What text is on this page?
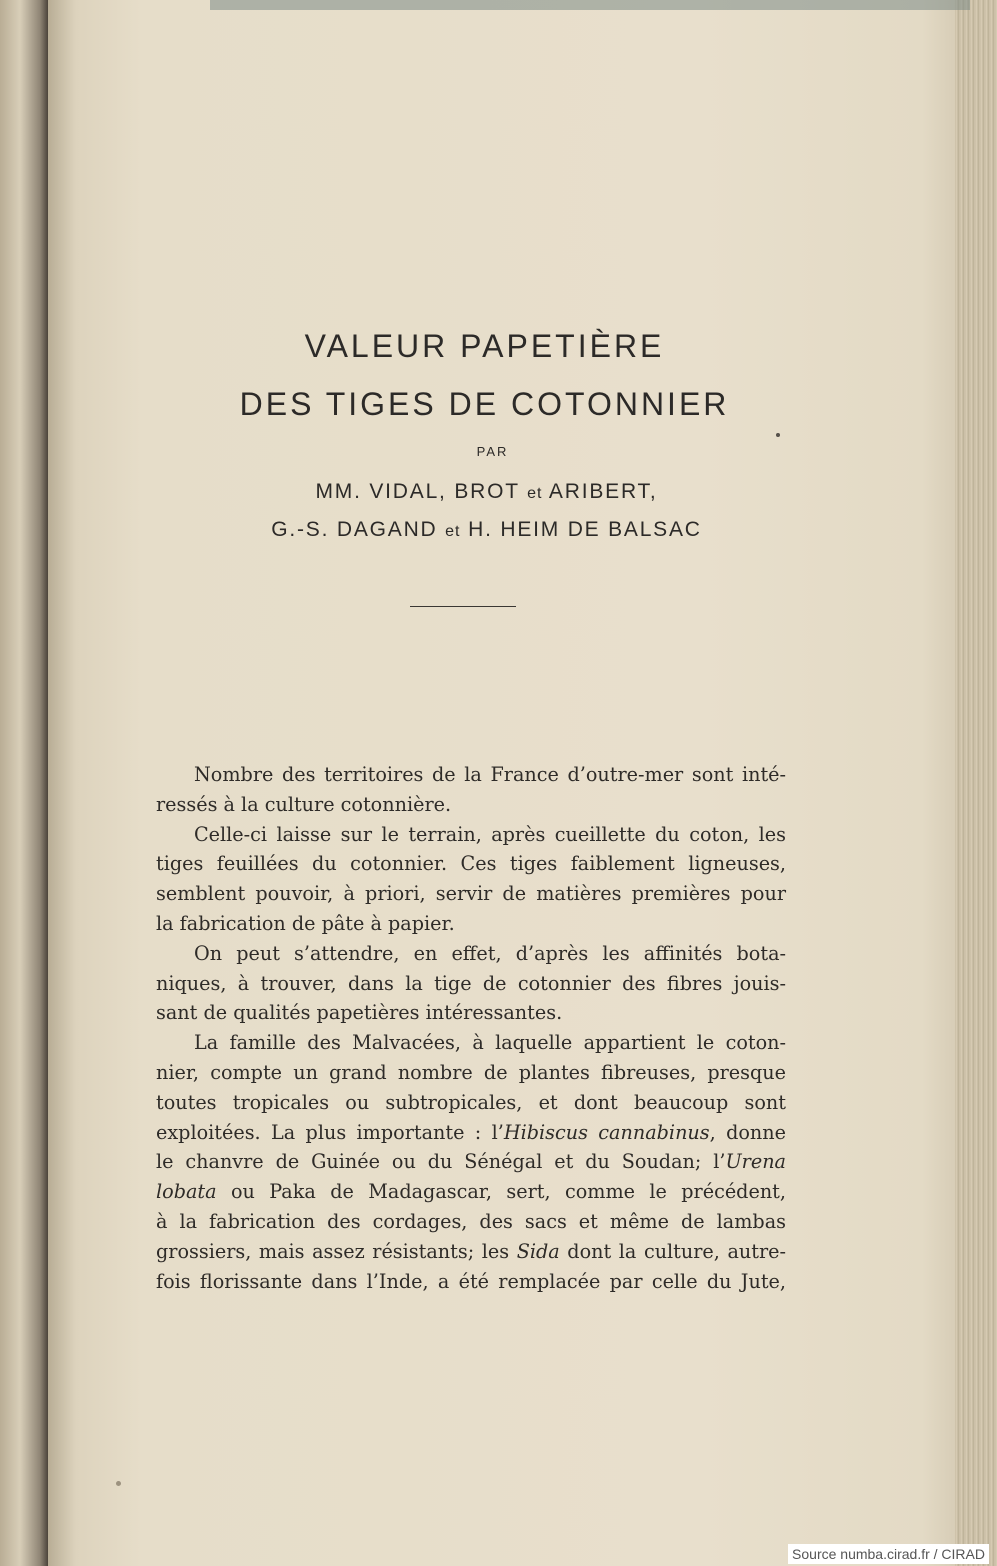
VALEUR PAPETIÈRE
DES TIGES DE COTONNIER
PAR
MM. VIDAL, BROT et ARIBERT,
G.-S. DAGAND et H. HEIM DE BALSAC
Nombre des territoires de la France d’outre-mer sont inté-
ressés à la culture cotonnière.
Celle-ci laisse sur le terrain, après cueillette du coton, les
tiges feuillées du cotonnier. Ces tiges faiblement ligneuses,
semblent pouvoir, à priori, servir de matières premières pour
la fabrication de pâte à papier.
On peut s’attendre, en effet, d’après les affinités bota-
niques, à trouver, dans la tige de cotonnier des fibres jouis-
sant de qualités papetières intéressantes.
La famille des Malvacées, à laquelle appartient le coton-
nier, compte un grand nombre de plantes fibreuses, presque
toutes tropicales ou subtropicales, et dont beaucoup sont
exploitées. La plus importante : l’Hibiscus cannabinus, donne
le chanvre de Guinée ou du Sénégal et du Soudan; l’Urena
lobata ou Paka de Madagascar, sert, comme le précédent,
à la fabrication des cordages, des sacs et même de lambas
grossiers, mais assez résistants; les Sida dont la culture, autre-
fois florissante dans l’Inde, a été remplacée par celle du Jute,
Source numba.cirad.fr / CIRAD
